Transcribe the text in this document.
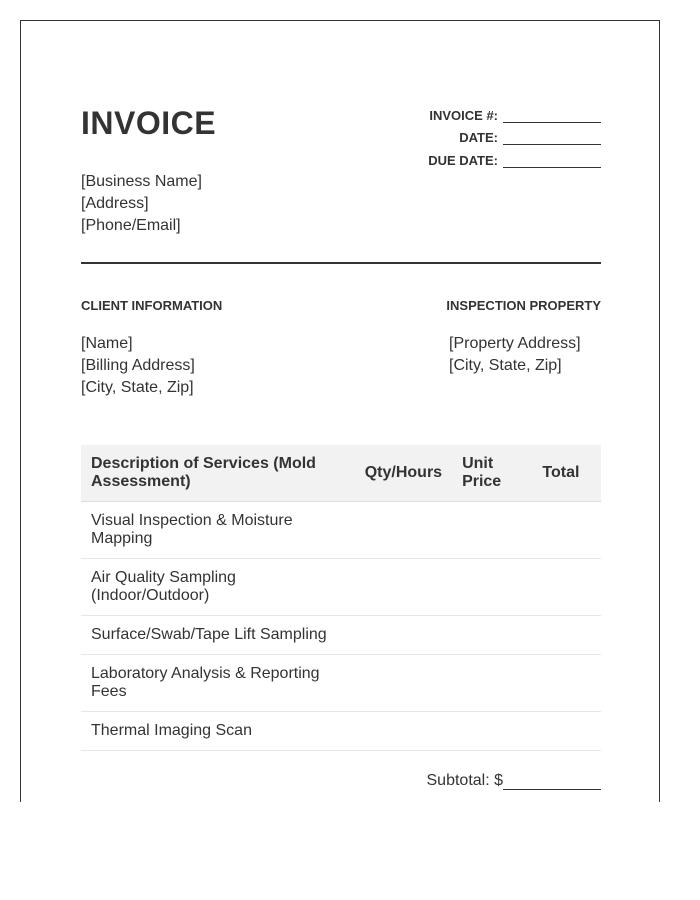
INVOICE
[Business Name]
[Address]
[Phone/Email]
INVOICE #:
DATE:
DUE DATE:
CLIENT INFORMATION	INSPECTION PROPERTY
[Name]
[Billing Address]
[City, State, Zip]
[Property Address]
[City, State, Zip]
Description of Services (Mold Assessment)	Qty/Hours	Unit Price	Total
Visual Inspection & Moisture Mapping			
Air Quality Sampling (Indoor/Outdoor)			
Surface/Swab/Tape Lift Sampling			
Laboratory Analysis & Reporting Fees			
Thermal Imaging Scan			
Subtotal: $
